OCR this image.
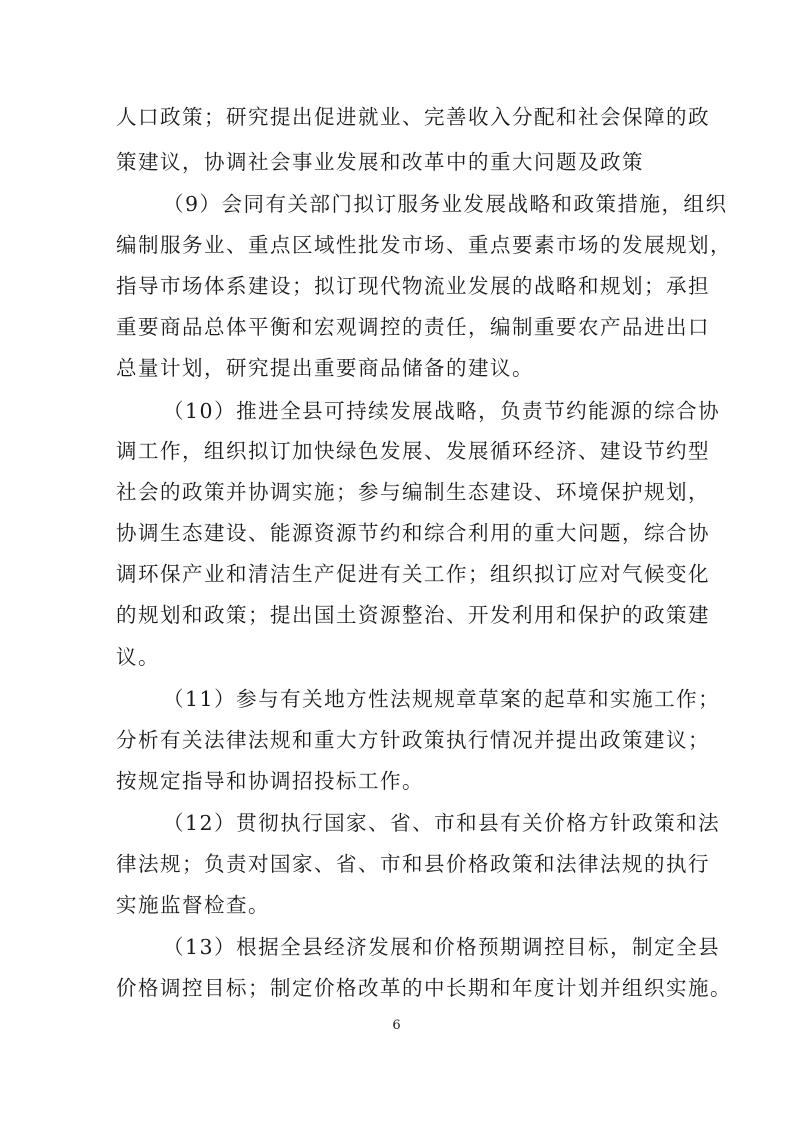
人口政策；研究提出促进就业、完善收入分配和社会保障的政
策建议，协调社会事业发展和改革中的重大问题及政策
（9）会同有关部门拟订服务业发展战略和政策措施，组织
编制服务业、重点区域性批发市场、重点要素市场的发展规划，
指导市场体系建设；拟订现代物流业发展的战略和规划；承担
重要商品总体平衡和宏观调控的责任，编制重要农产品进出口
总量计划，研究提出重要商品储备的建议。
（10）推进全县可持续发展战略，负责节约能源的综合协
调工作，组织拟订加快绿色发展、发展循环经济、建设节约型
社会的政策并协调实施；参与编制生态建设、环境保护规划，
协调生态建设、能源资源节约和综合利用的重大问题，综合协
调环保产业和清洁生产促进有关工作；组织拟订应对气候变化
的规划和政策；提出国土资源整治、开发利用和保护的政策建
议。
（11）参与有关地方性法规规章草案的起草和实施工作；
分析有关法律法规和重大方针政策执行情况并提出政策建议；
按规定指导和协调招投标工作。
（12）贯彻执行国家、省、市和县有关价格方针政策和法
律法规；负责对国家、省、市和县价格政策和法律法规的执行
实施监督检查。
（13）根据全县经济发展和价格预期调控目标，制定全县
价格调控目标；制定价格改革的中长期和年度计划并组织实施。
6
